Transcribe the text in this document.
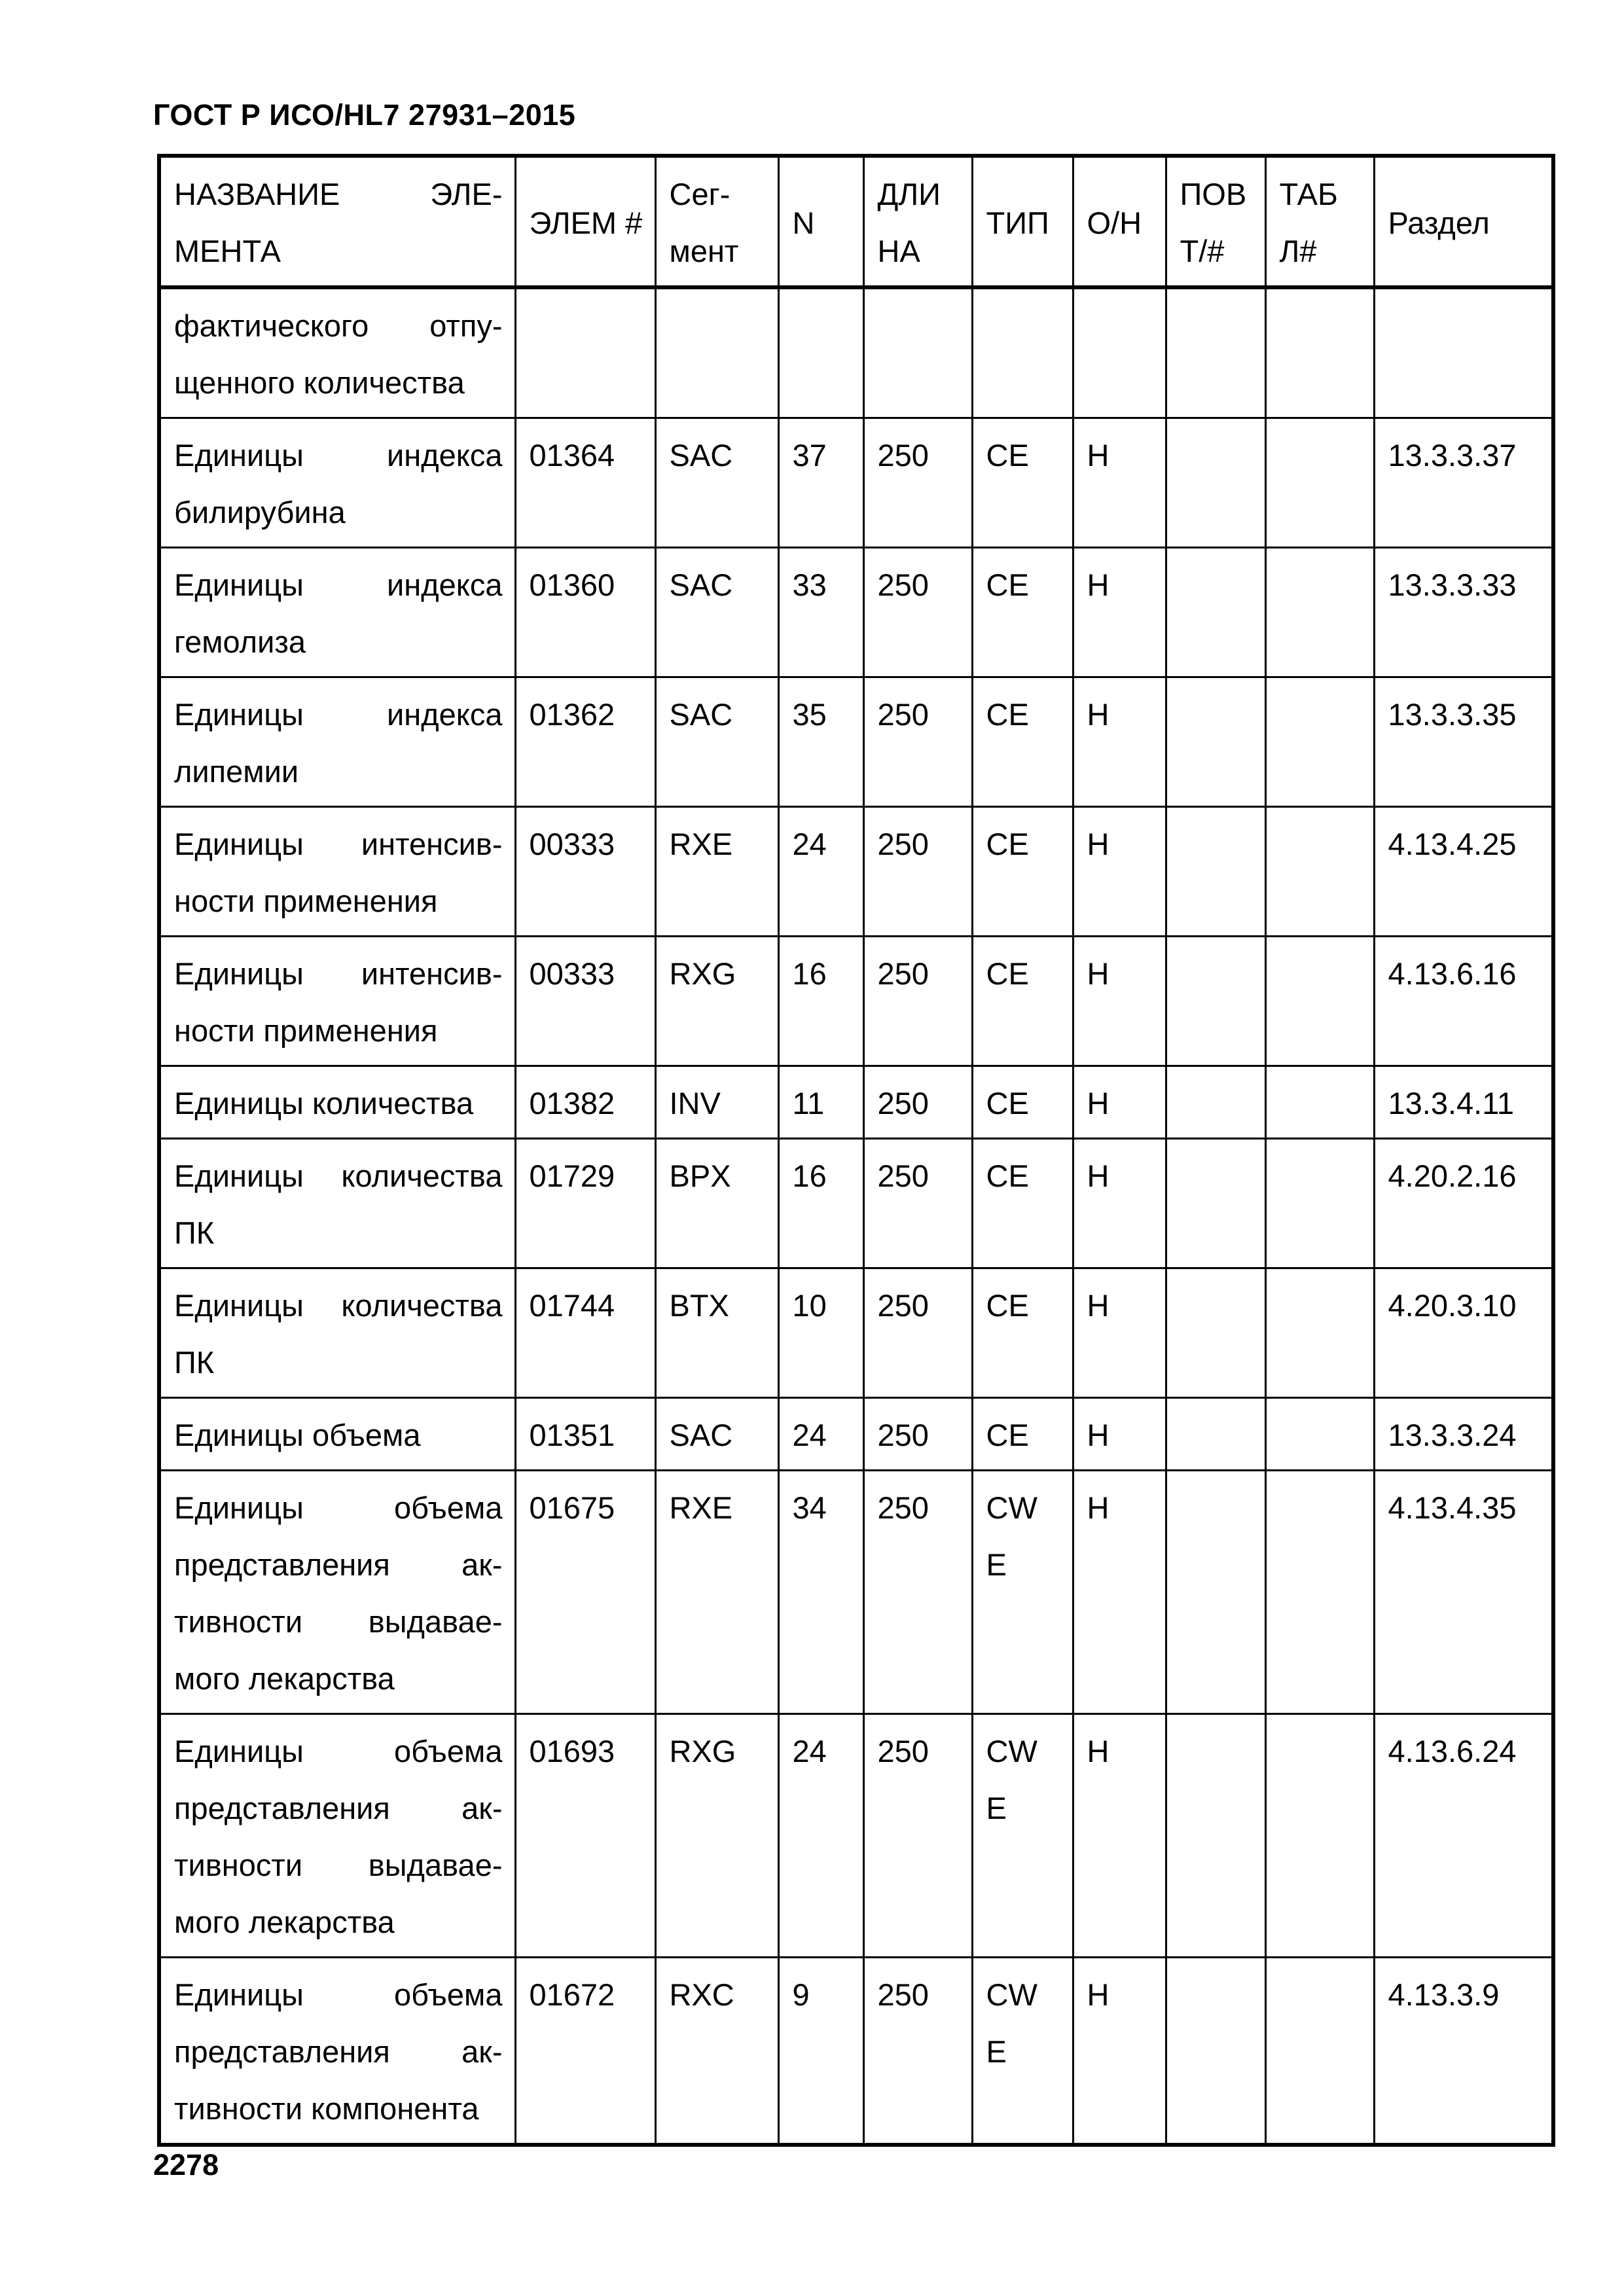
ГОСТ Р ИСО/HL7 27931–2015
НАЗВАНИЕ ЭЛЕ-МЕНТА	ЭЛЕМ #	Сег-мент	N	ДЛИ НА	ТИП	О/Н	ПОВ Т/#	ТАБ Л#	Раздел
фактического отпу-щенного количества									
Единицы индекса билирубина	01364	SAC	37	250	CE	Н			13.3.3.37
Единицы индекса гемолиза	01360	SAC	33	250	CE	Н			13.3.3.33
Единицы индекса липемии	01362	SAC	35	250	CE	Н			13.3.3.35
Единицы интенсив-ности применения	00333	RXE	24	250	CE	Н			4.13.4.25
Единицы интенсив-ности применения	00333	RXG	16	250	CE	Н			4.13.6.16
Единицы количества	01382	INV	11	250	CE	Н			13.3.4.11
Единицы количества ПК	01729	BPX	16	250	CE	Н			4.20.2.16
Единицы количества ПК	01744	BTX	10	250	CE	Н			4.20.3.10
Единицы объема	01351	SAC	24	250	CE	Н			13.3.3.24
Единицы объема представления ак-тивности выдавае-мого лекарства	01675	RXE	34	250	CW E	Н			4.13.4.35
Единицы объема представления ак-тивности выдавае-мого лекарства	01693	RXG	24	250	CW E	Н			4.13.6.24
Единицы объема представления ак-тивности компонента	01672	RXC	9	250	CW E	Н			4.13.3.9
2278
